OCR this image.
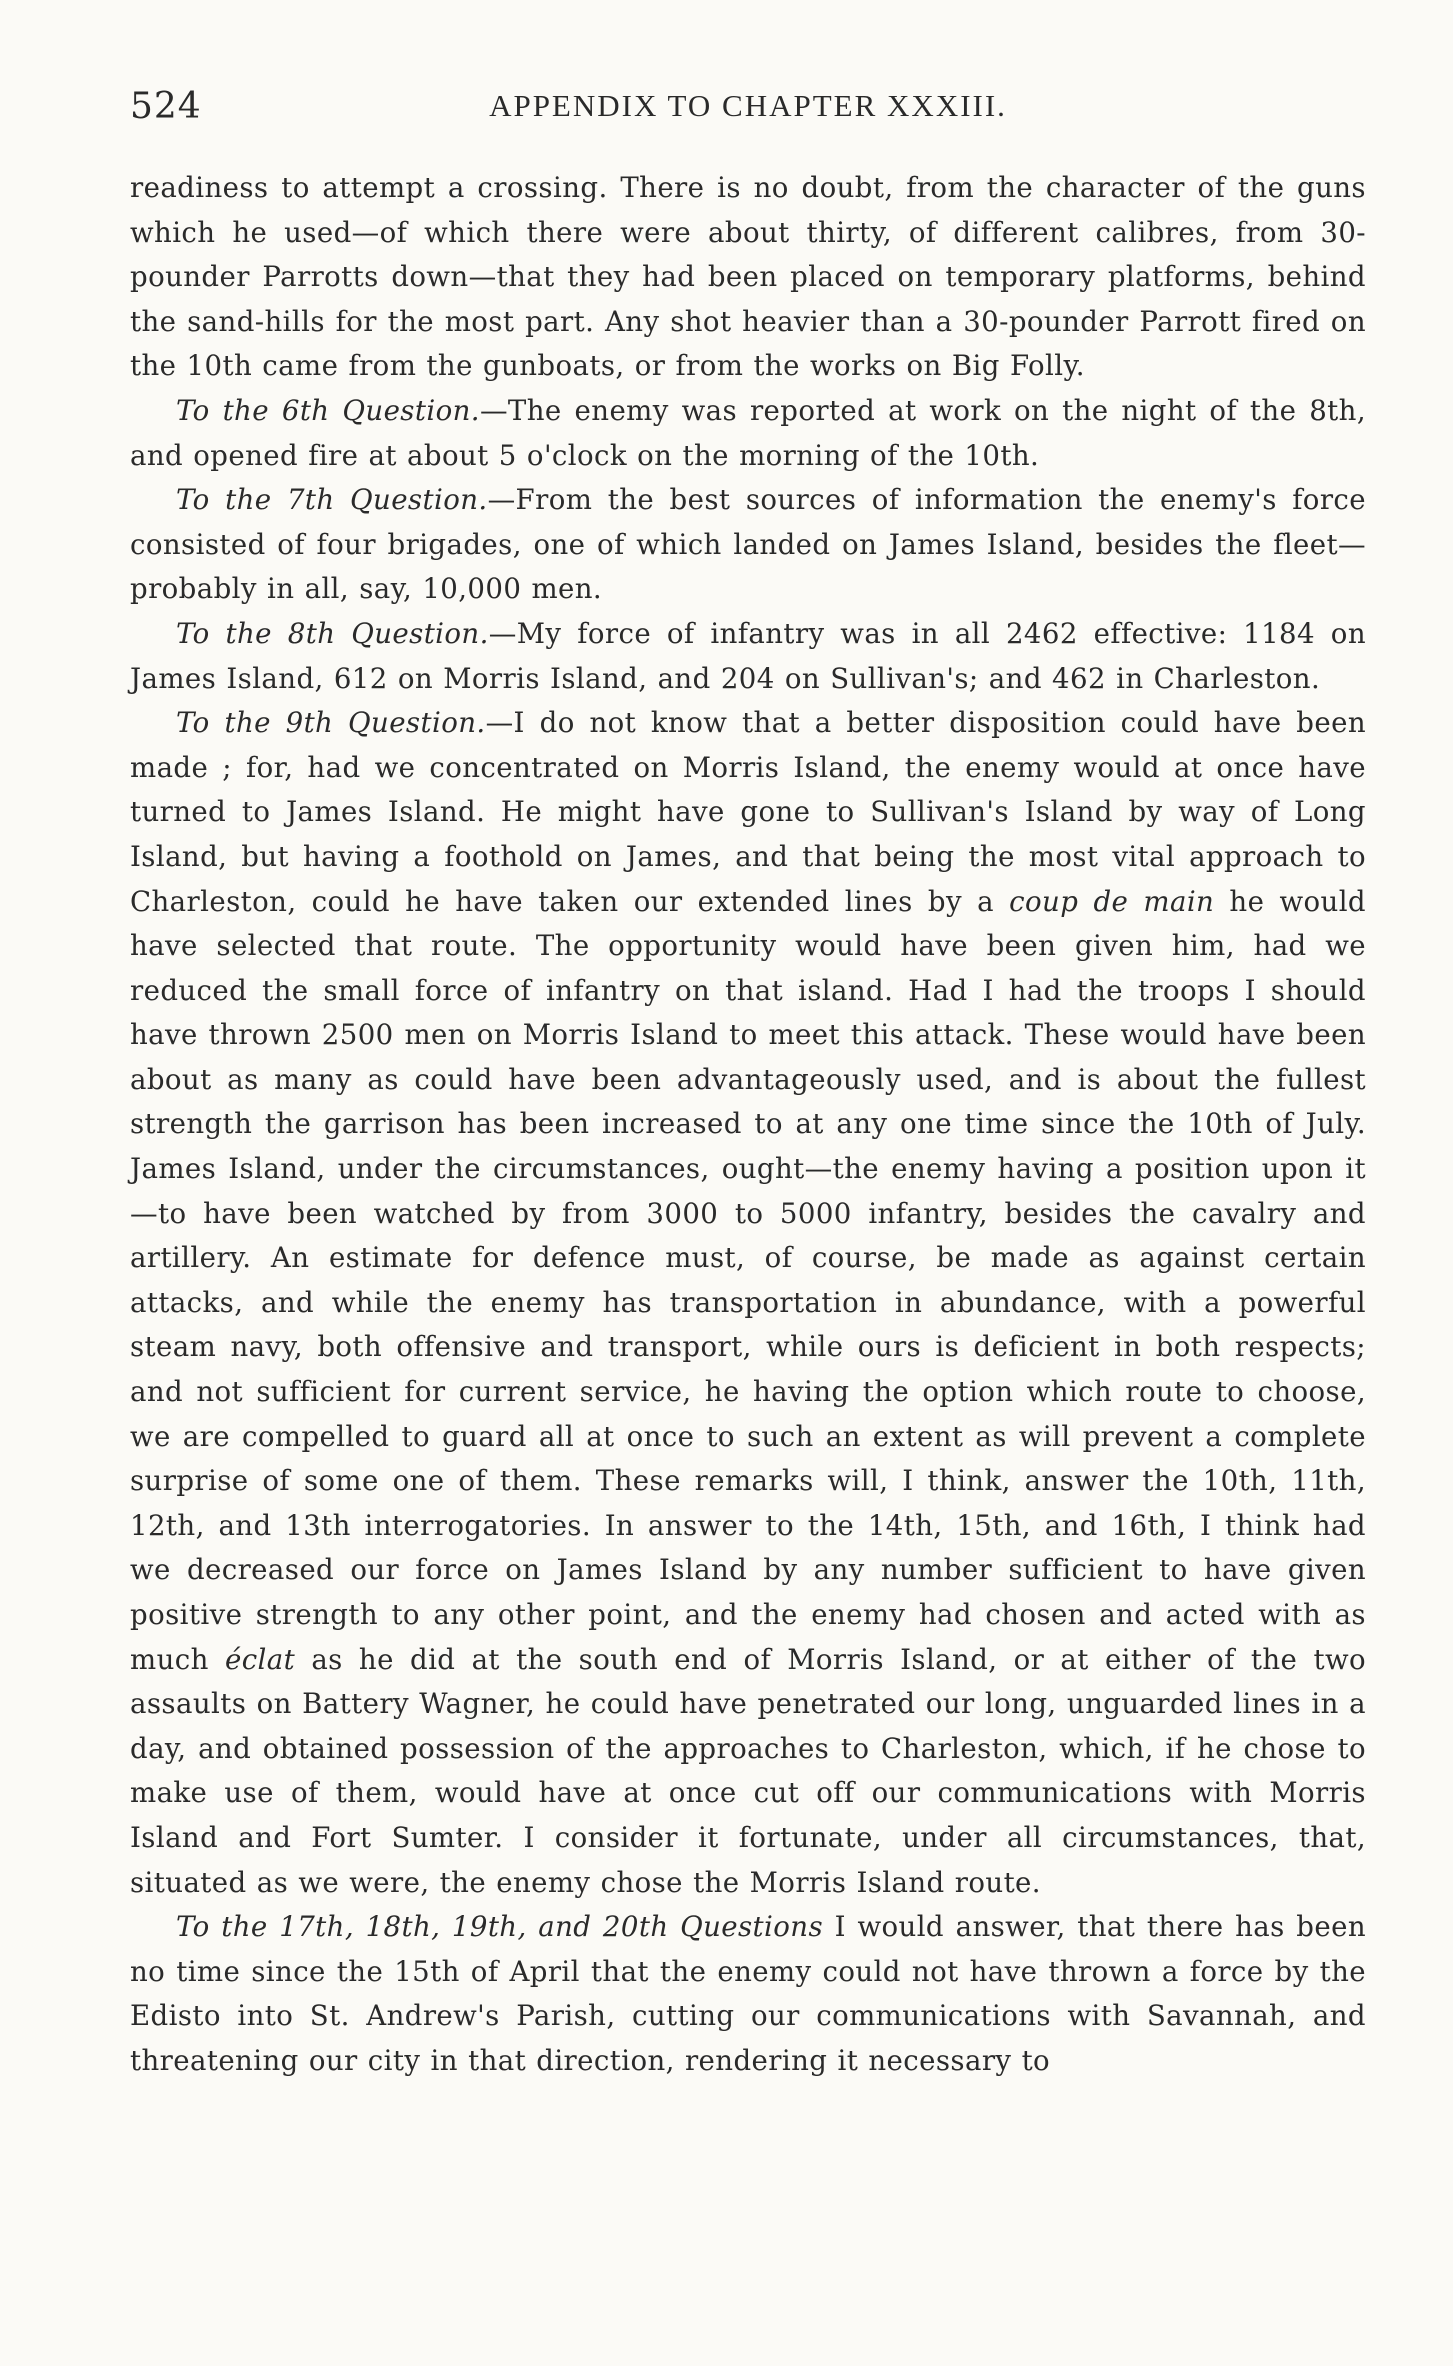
524	APPENDIX TO CHAPTER XXXIII.

readiness to attempt a crossing. There is no doubt, from the character of the guns which he used—of which there were about thirty, of different calibres, from 30-pounder Parrotts down—that they had been placed on temporary platforms, behind the sand-hills for the most part. Any shot heavier than a 30-pounder Parrott fired on the 10th came from the gunboats, or from the works on Big Folly.

To the 6th Question.—The enemy was reported at work on the night of the 8th, and opened fire at about 5 o'clock on the morning of the 10th.

To the 7th Question.—From the best sources of information the enemy's force consisted of four brigades, one of which landed on James Island, besides the fleet—probably in all, say, 10,000 men.

To the 8th Question.—My force of infantry was in all 2462 effective: 1184 on James Island, 612 on Morris Island, and 204 on Sullivan's; and 462 in Charleston.

To the 9th Question.—I do not know that a better disposition could have been made ; for, had we concentrated on Morris Island, the enemy would at once have turned to James Island. He might have gone to Sullivan's Island by way of Long Island, but having a foothold on James, and that being the most vital approach to Charleston, could he have taken our extended lines by a coup de main he would have selected that route. The opportunity would have been given him, had we reduced the small force of infantry on that island. Had I had the troops I should have thrown 2500 men on Morris Island to meet this attack. These would have been about as many as could have been advantageously used, and is about the fullest strength the garrison has been increased to at any one time since the 10th of July. James Island, under the circumstances, ought—the enemy having a position upon it—to have been watched by from 3000 to 5000 infantry, besides the cavalry and artillery. An estimate for defence must, of course, be made as against certain attacks, and while the enemy has transportation in abundance, with a powerful steam navy, both offensive and transport, while ours is deficient in both respects; and not sufficient for current service, he having the option which route to choose, we are compelled to guard all at once to such an extent as will prevent a complete surprise of some one of them. These remarks will, I think, answer the 10th, 11th, 12th, and 13th interrogatories. In answer to the 14th, 15th, and 16th, I think had we decreased our force on James Island by any number sufficient to have given positive strength to any other point, and the enemy had chosen and acted with as much éclat as he did at the south end of Morris Island, or at either of the two assaults on Battery Wagner, he could have penetrated our long, unguarded lines in a day, and obtained possession of the approaches to Charleston, which, if he chose to make use of them, would have at once cut off our communications with Morris Island and Fort Sumter. I consider it fortunate, under all circumstances, that, situated as we were, the enemy chose the Morris Island route.

To the 17th, 18th, 19th, and 20th Questions I would answer, that there has been no time since the 15th of April that the enemy could not have thrown a force by the Edisto into St. Andrew's Parish, cutting our communications with Savannah, and threatening our city in that direction, rendering it necessary to
